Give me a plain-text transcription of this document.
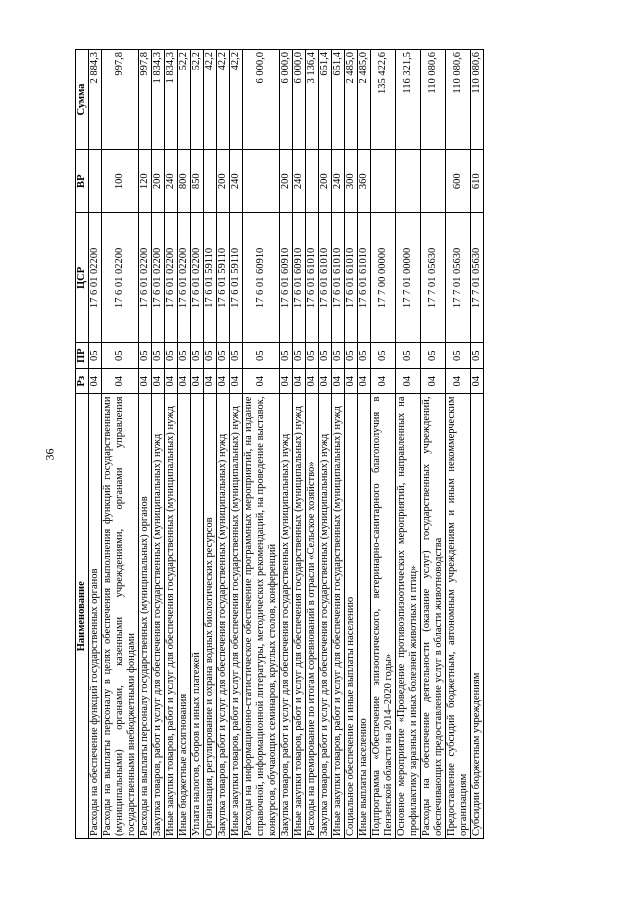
36
Наименование	Рз	ПР	ЦСР	ВР	Сумма
Расходы на обеспечение функций государственных органов	04	05	17 6 01 02200		2 884,3
Расходы на выплаты персоналу в целях обеспечения выполнения функций государственными (муниципальными) органами, казенными учреждениями, органами управления государственными внебюджетными фондами	04	05	17 6 01 02200	100	997,8
Расходы на выплаты персоналу государственных (муниципальных) органов	04	05	17 6 01 02200	120	997,8
Закупка товаров, работ и услуг для обеспечения государственных (муниципальных) нужд	04	05	17 6 01 02200	200	1 834,3
Иные закупки товаров, работ и услуг для обеспечения государственных (муниципальных) нужд	04	05	17 6 01 02200	240	1 834,3
Иные бюджетные ассигнования	04	05	17 6 01 02200	800	52,2
Уплата налогов, сборов и иных платежей	04	05	17 6 01 02200	850	52,2
Организация, регулирование и охрана водных биологических ресурсов	04	05	17 6 01 59110		42,2
Закупка товаров, работ и услуг для обеспечения государственных (муниципальных) нужд	04	05	17 6 01 59110	200	42,2
Иные закупки товаров, работ и услуг для обеспечения государственных (муниципальных) нужд	04	05	17 6 01 59110	240	42,2
Расходы на информационно-статистическое обеспечение программных мероприятий, на издание справочной, информационной литературы, методических рекомендаций, на проведение выставок, конкурсов, обучающих семинаров, круглых столов, конференций	04	05	17 6 01 60910		6 000,0
Закупка товаров, работ и услуг для обеспечения государственных (муниципальных) нужд	04	05	17 6 01 60910	200	6 000,0
Иные закупки товаров, работ и услуг для обеспечения государственных (муниципальных) нужд	04	05	17 6 01 60910	240	6 000,0
Расходы на премирование по итогам соревнований в отрасли «Сельское хозяйство»	04	05	17 6 01 61010		3 136,4
Закупка товаров, работ и услуг для обеспечения государственных (муниципальных) нужд	04	05	17 6 01 61010	200	651,4
Иные закупки товаров, работ и услуг для обеспечения государственных (муниципальных) нужд	04	05	17 6 01 61010	240	651,4
Социальное обеспечение и иные выплаты населению	04	05	17 6 01 61010	300	2 485,0
Иные выплаты населению	04	05	17 6 01 61010	360	2 485,0
Подпрограмма «Обеспечение эпизоотического, ветеринарно-санитарного благополучия в Пензенской области на 2014–2020 годы»	04	05	17 7 00 00000		135 422,6
Основное мероприятие «Проведение противоэпизоотических мероприятий, направленных на профилактику заразных и иных болезней животных и птиц»	04	05	17 7 01 00000		116 321,5
Расходы на обеспечение деятельности (оказание услуг) государственных учреждений, обеспечивающих предоставление услуг в области животноводства	04	05	17 7 01 05630		110 080,6
Предоставление субсидий бюджетным, автономным учреждениям и иным некоммерческим организациям	04	05	17 7 01 05630	600	110 080,6
Субсидии бюджетным учреждениям	04	05	17 7 01 05630	610	110 080,6
